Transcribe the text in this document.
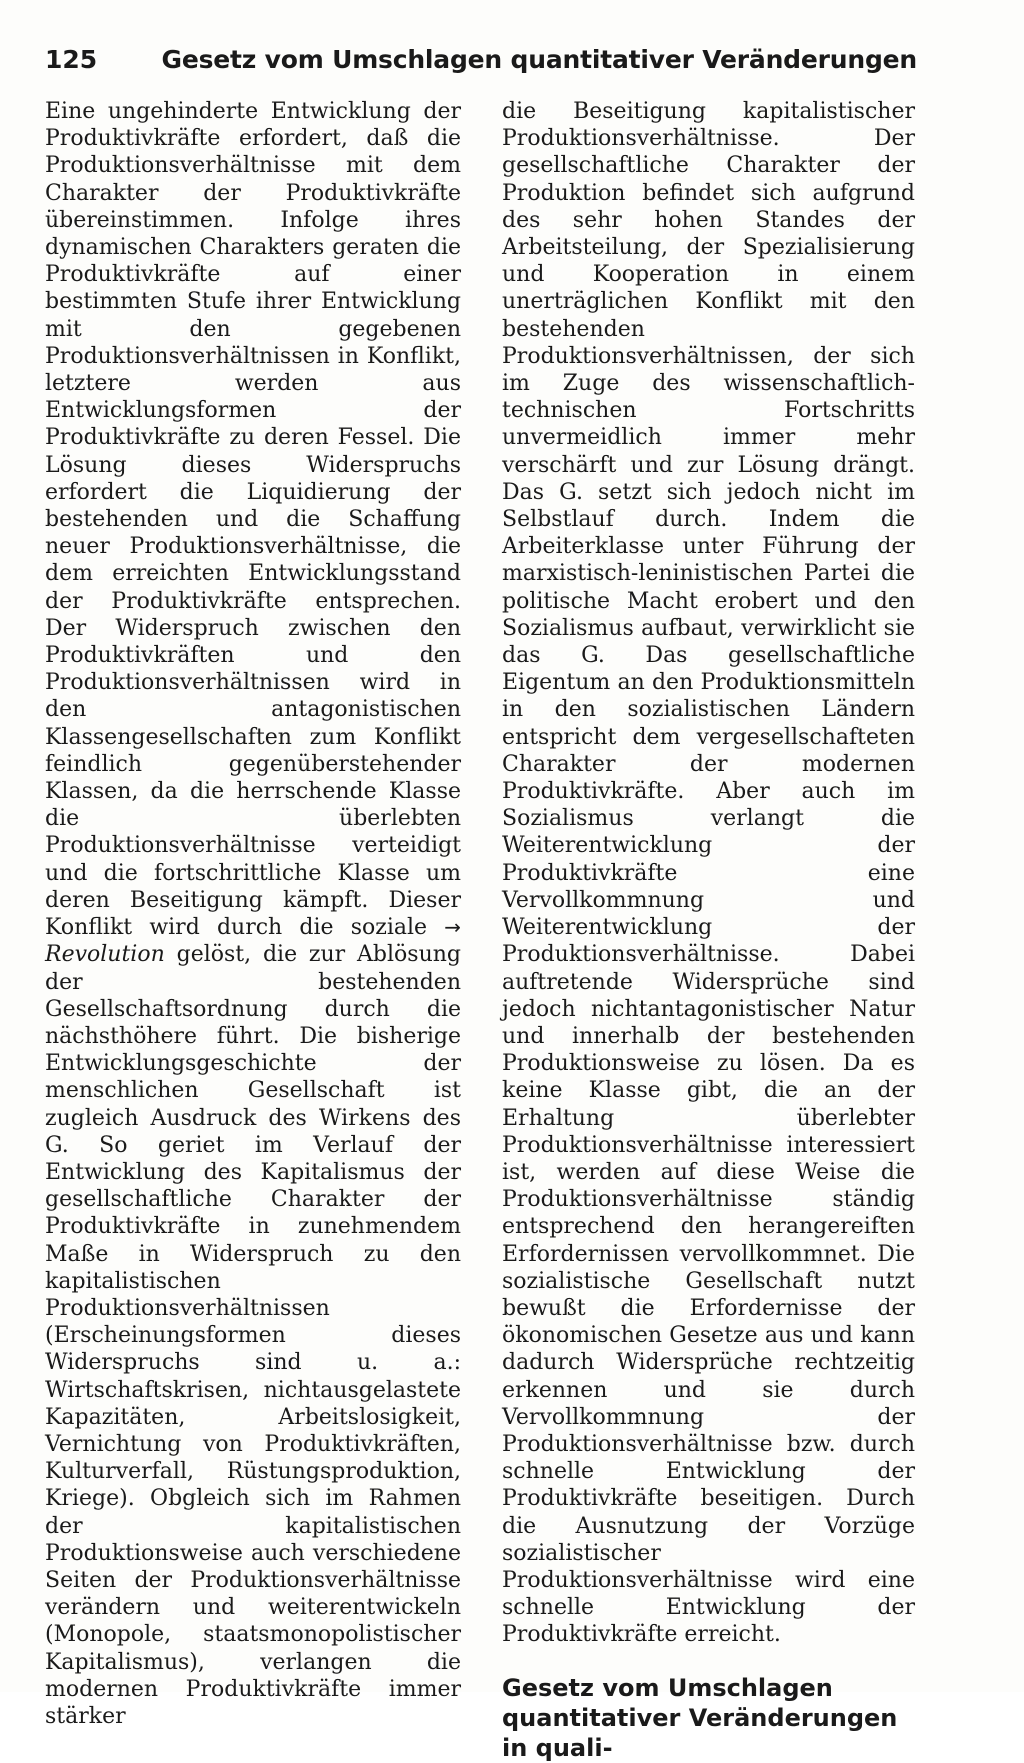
125	Gesetz vom Umschlagen quantitativer Veränderungen

Eine ungehinderte Entwicklung der Produktivkräfte erfordert, daß die Produktionsverhältnisse mit dem Charakter der Produktivkräfte übereinstimmen. Infolge ihres dynamischen Charakters geraten die Produktivkräfte auf einer bestimmten Stufe ihrer Entwicklung mit den gegebenen Produktionsverhältnissen in Konflikt, letztere werden aus Entwicklungsformen der Produktivkräfte zu deren Fessel. Die Lösung dieses Widerspruchs erfordert die Liquidierung der bestehenden und die Schaffung neuer Produktionsverhältnisse, die dem erreichten Entwicklungsstand der Produktivkräfte entsprechen. Der Widerspruch zwischen den Produktivkräften und den Produktionsverhältnissen wird in den antagonistischen Klassengesellschaften zum Konflikt feindlich gegenüberstehender Klassen, da die herrschende Klasse die überlebten Produktionsverhältnisse verteidigt und die fortschrittliche Klasse um deren Beseitigung kämpft. Dieser Konflikt wird durch die soziale → Revolution gelöst, die zur Ablösung der bestehenden Gesellschaftsordnung durch die nächsthöhere führt. Die bisherige Entwicklungsgeschichte der menschlichen Gesellschaft ist zugleich Ausdruck des Wirkens des G. So geriet im Verlauf der Entwicklung des Kapitalismus der gesellschaftliche Charakter der Produktivkräfte in zunehmendem Maße in Widerspruch zu den kapitalistischen Produktionsverhältnissen (Erscheinungsformen dieses Widerspruchs sind u. a.: Wirtschaftskrisen, nichtausgelastete Kapazitäten, Arbeitslosigkeit, Vernichtung von Produktivkräften, Kulturverfall, Rüstungsproduktion, Kriege). Obgleich sich im Rahmen der kapitalistischen Produktionsweise auch verschiedene Seiten der Produktionsverhältnisse verändern und weiterentwickeln (Monopole, staatsmonopolistischer Kapitalismus), verlangen die modernen Produktivkräfte immer stärker

die Beseitigung kapitalistischer Produktionsverhältnisse. Der gesellschaftliche Charakter der Produktion befindet sich aufgrund des sehr hohen Standes der Arbeitsteilung, der Spezialisierung und Kooperation in einem unerträglichen Konflikt mit den bestehenden Produktionsverhältnissen, der sich im Zuge des wissenschaftlich-technischen Fortschritts unvermeidlich immer mehr verschärft und zur Lösung drängt. Das G. setzt sich jedoch nicht im Selbstlauf durch. Indem die Arbeiterklasse unter Führung der marxistisch-leninistischen Partei die politische Macht erobert und den Sozialismus aufbaut, verwirklicht sie das G. Das gesellschaftliche Eigentum an den Produktionsmitteln in den sozialistischen Ländern entspricht dem vergesellschafteten Charakter der modernen Produktivkräfte. Aber auch im Sozialismus verlangt die Weiterentwicklung der Produktivkräfte eine Vervollkommnung und Weiterentwicklung der Produktionsverhältnisse. Dabei auftretende Widersprüche sind jedoch nichtantagonistischer Natur und innerhalb der bestehenden Produktionsweise zu lösen. Da es keine Klasse gibt, die an der Erhaltung überlebter Produktionsverhältnisse interessiert ist, werden auf diese Weise die Produktionsverhältnisse ständig entsprechend den herangereiften Erfordernissen vervollkommnet. Die sozialistische Gesellschaft nutzt bewußt die Erfordernisse der ökonomischen Gesetze aus und kann dadurch Widersprüche rechtzeitig erkennen und sie durch Vervollkommnung der Produktionsverhältnisse bzw. durch schnelle Entwicklung der Produktivkräfte beseitigen. Durch die Ausnutzung der Vorzüge sozialistischer Produktionsverhältnisse wird eine schnelle Entwicklung der Produktivkräfte erreicht.

Gesetz vom Umschlagen quantitativer Veränderungen in quali-
